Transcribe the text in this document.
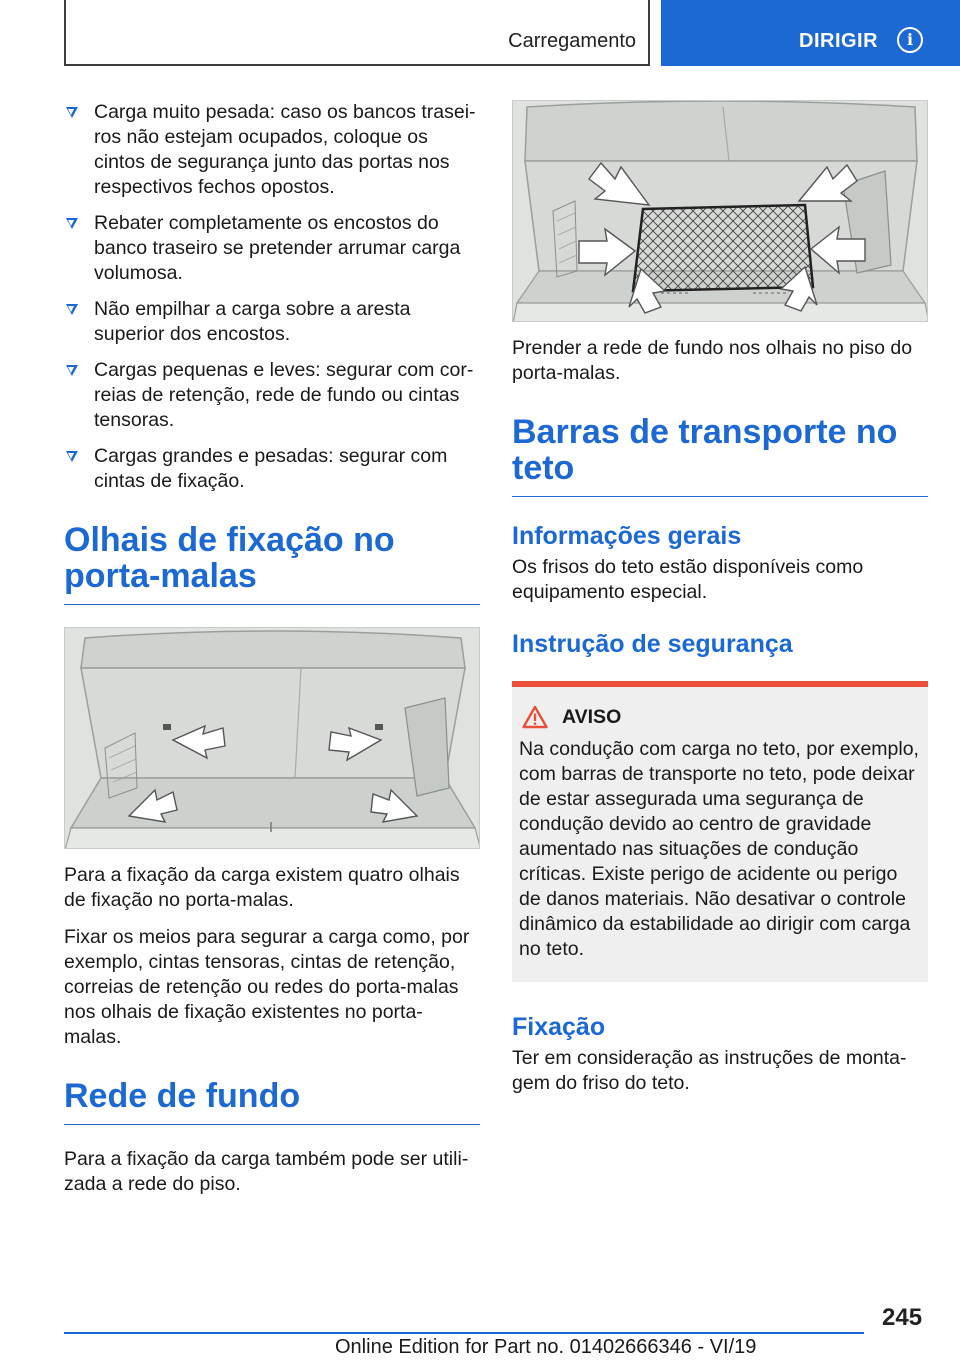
Carregamento	DIRIGIR	i
Carga muito pesada: caso os bancos traseiros não estejam ocupados, coloque os cintos de segurança junto das portas nos respectivos fechos opostos.
Rebater completamente os encostos do banco traseiro se pretender arrumar carga volumosa.
Não empilhar a carga sobre a aresta superior dos encostos.
Cargas pequenas e leves: segurar com correias de retenção, rede de fundo ou cintas tensoras.
Cargas grandes e pesadas: segurar com cintas de fixação.
Olhais de fixação no porta-malas

Para a fixação da carga existem quatro olhais de fixação no porta-malas.

Fixar os meios para segurar a carga como, por exemplo, cintas tensoras, cintas de retenção, correias de retenção ou redes do porta-malas nos olhais de fixação existentes no porta-malas.

Rede de fundo

Para a fixação da carga também pode ser utilizada a rede do piso.

Prender a rede de fundo nos olhais no piso do porta-malas.

Barras de transporte no teto
Informações gerais

Os frisos do teto estão disponíveis como equipamento especial.

Instrução de segurança
AVISO
Na condução com carga no teto, por exemplo, com barras de transporte no teto, pode deixar de estar assegurada uma segurança de condução devido ao centro de gravidade aumentado nas situações de condução críticas. Existe perigo de acidente ou perigo de danos materiais. Não desativar o controle dinâmico da estabilidade ao dirigir com carga no teto.
Fixação

Ter em consideração as instruções de montagem do friso do teto.

245
Online Edition for Part no. 01402666346 - VI/19
